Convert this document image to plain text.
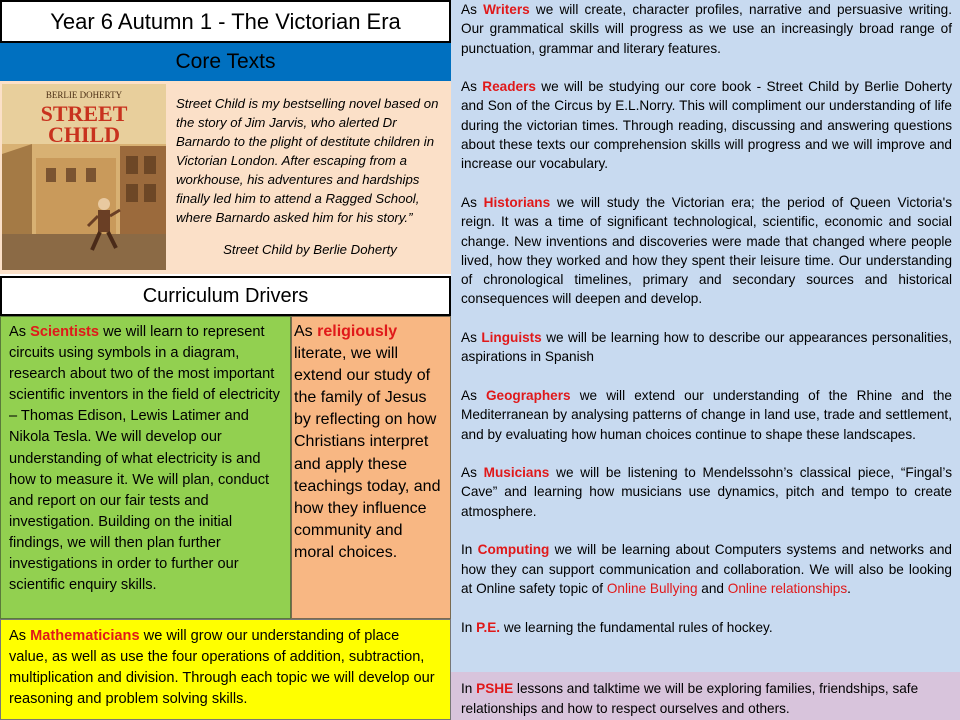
Year 6 Autumn 1 - The Victorian Era
Core Texts
BERLIE DOHERTY
STREET
CHILD
Street Child is my bestselling novel based on the story of Jim Jarvis, who alerted Dr Barnardo to the plight of destitute children in Victorian London. After escaping from a workhouse, his adventures and hardships finally led him to attend a Ragged School, where Barnardo asked him for his story.”
Street Child by Berlie Doherty
Curriculum Drivers
As Scientists we will learn to represent circuits using symbols in a diagram, research about two of the most important scientific inventors in the field of electricity – Thomas Edison, Lewis Latimer and Nikola Tesla. We will develop our understanding of what electricity is and how to measure it. We will plan, conduct and report on our fair tests and investigation. Building on the initial findings, we will then plan further investigations in order to further our scientific enquiry skills.
As religiously literate, we will extend our study of the family of Jesus by reflecting on how Christians interpret and apply these teachings today, and how they influence community and moral choices.
As Mathematicians we will grow our understanding of place value, as well as use the four operations of addition, subtraction, multiplication and division. Through each topic we will develop our reasoning and problem solving skills.

As Writers we will create, character profiles, narrative and persuasive writing. Our grammatical skills will progress as we use an increasingly broad range of punctuation, grammar and literary features.

As Readers we will be studying our core book - Street Child by Berlie Doherty and Son of the Circus by E.L.Norry. This will compliment our understanding of life during the victorian times. Through reading, discussing and answering questions about these texts our comprehension skills will progress and we will improve and increase our vocabulary.

As Historians we will study the Victorian era; the period of Queen Victoria's reign. It was a time of significant technological, scientific, economic and social change. New inventions and discoveries were made that changed where people lived, how they worked and how they spent their leisure time. Our understanding of chronological timelines, primary and secondary sources and historical consequences will deepen and develop.

As Linguists we will be learning how to describe our appearances personalities, aspirations in Spanish

As Geographers we will extend our understanding of the Rhine and the Mediterranean by analysing patterns of change in land use, trade and settlement, and by evaluating how human choices continue to shape these landscapes.

As Musicians we will be listening to Mendelssohn’s classical piece, “Fingal’s Cave” and learning how musicians use dynamics, pitch and tempo to create atmosphere.

In Computing we will be learning about Computers systems and networks and how they can support communication and collaboration. We will also be looking at Online safety topic of Online Bullying and Online relationships.

In P.E. we learning the fundamental rules of hockey.

In PSHE lessons and talktime we will be exploring families, friendships, safe relationships and how to respect ourselves and others.
